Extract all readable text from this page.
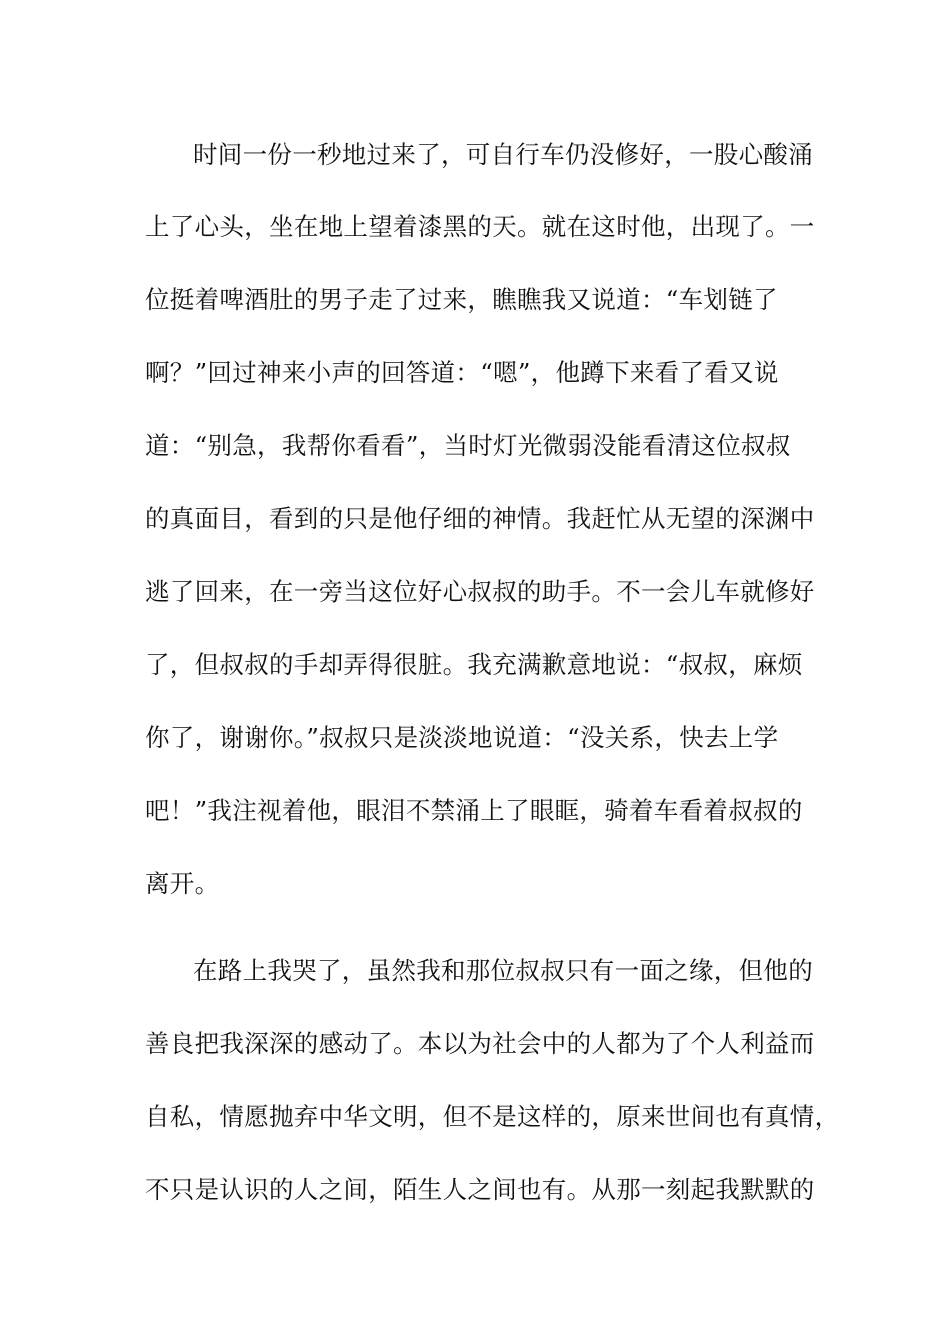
时间一份一秒地过来了，可自行车仍没修好，一股心酸涌
上了心头，坐在地上望着漆黑的天。就在这时他，出现了。一
位挺着啤酒肚的男子走了过来，瞧瞧我又说道：“车划链了
啊？”回过神来小声的回答道：“嗯”，他蹲下来看了看又说
道：“别急，我帮你看看”，当时灯光微弱没能看清这位叔叔
的真面目，看到的只是他仔细的神情。我赶忙从无望的深渊中
逃了回来，在一旁当这位好心叔叔的助手。不一会儿车就修好
了，但叔叔的手却弄得很脏。我充满歉意地说：“叔叔，麻烦
你了，谢谢你。”叔叔只是淡淡地说道：“没关系，快去上学
吧！”我注视着他，眼泪不禁涌上了眼眶，骑着车看着叔叔的
离开。
在路上我哭了，虽然我和那位叔叔只有一面之缘，但他的
善良把我深深的感动了。本以为社会中的人都为了个人利益而
自私，情愿抛弃中华文明，但不是这样的，原来世间也有真情，
不只是认识的人之间，陌生人之间也有。从那一刻起我默默的
